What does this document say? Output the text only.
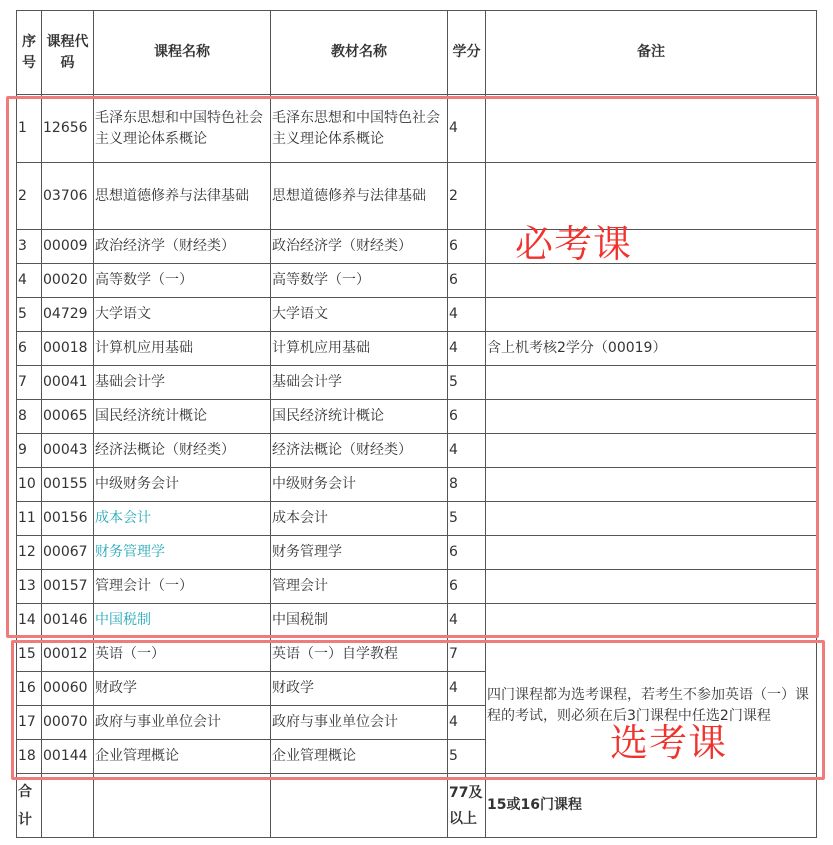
序号	课程代码	课程名称	教材名称	学分	备注
1	12656	毛泽东思想和中国特色社会主义理论体系概论	毛泽东思想和中国特色社会主义理论体系概论	4	
2	03706	思想道德修养与法律基础	思想道德修养与法律基础	2	
3	00009	政治经济学（财经类）	政治经济学（财经类）	6	
4	00020	高等数学（一）	高等数学（一）	6	
5	04729	大学语文	大学语文	4	
6	00018	计算机应用基础	计算机应用基础	4	含上机考核2学分（00019）
7	00041	基础会计学	基础会计学	5	
8	00065	国民经济统计概论	国民经济统计概论	6	
9	00043	经济法概论（财经类）	经济法概论（财经类）	4	
10	00155	中级财务会计	中级财务会计	8	
11	00156	成本会计	成本会计	5	
12	00067	财务管理学	财务管理学	6	
13	00157	管理会计（一）	管理会计	6	
14	00146	中国税制	中国税制	4	
15	00012	英语（一）	英语（一）自学教程	7	四门课程都为选考课程，若考生不参加英语（一）课程的考试，则必须在后3门课程中任选2门课程
16	00060	财政学	财政学	4	
17	00070	政府与事业单位会计	政府与事业单位会计	4	
18	00144	企业管理概论	企业管理概论	5	
合计				77及以上	15或16门课程
必考课
选考课
